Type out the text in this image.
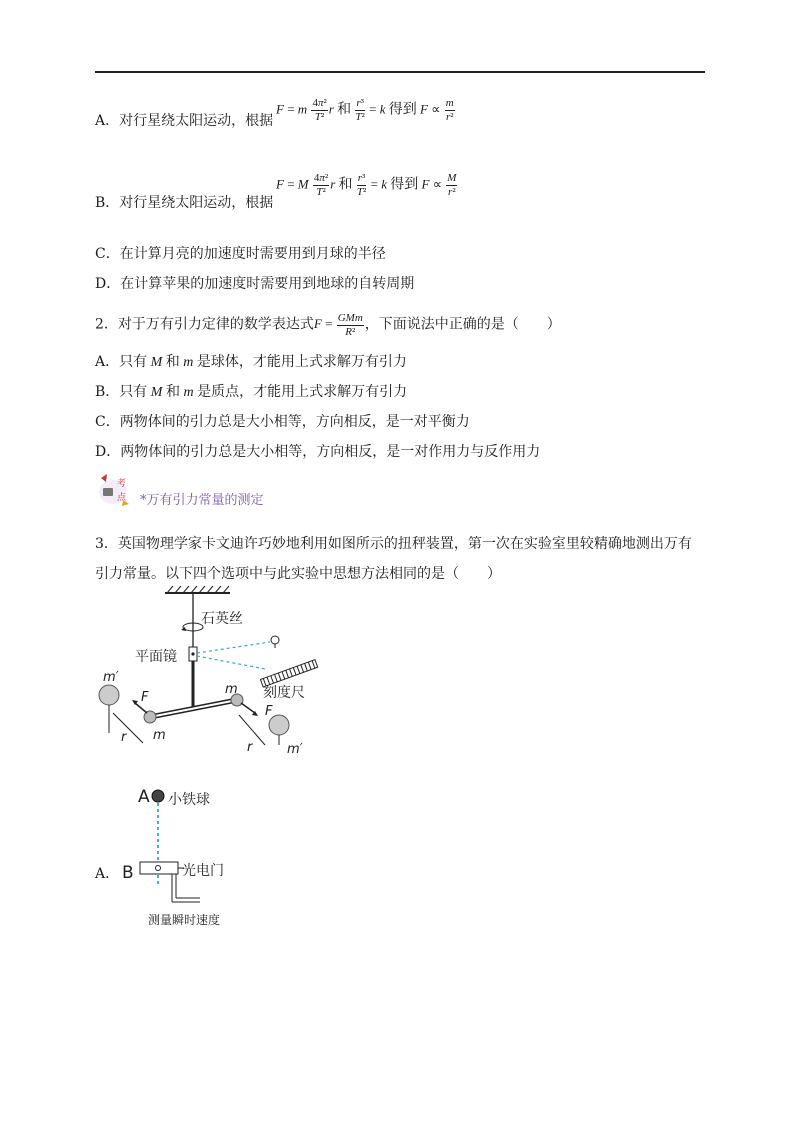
A．对行星绕太阳运动，根据
F = m $\frac{\text{4π²}}{\text{T²}}$ r 和 $\frac{\text{r³}}{\text{T²}} = k$ 得到 $F \propto \frac{m}{\text{r²}}$
B．对行星绕太阳运动，根据
F = M $\frac{\text{4π²}}{\text{T²}}$ r 和 $\frac{\text{r³}}{\text{T²}} = k$ 得到 $F \propto \frac{M}{\text{r²}}$
C．在计算月亮的加速度时需要用到月球的半径
D．在计算苹果的加速度时需要用到地球的自转周期
2．对于万有引力定律的数学表达式$F = \frac{\text{GMm}}{\text{R²}}$ ，下面说法中正确的是（　　）
A．只有 M 和 m 是球体，才能用上式求解万有引力
B．只有 M 和 m 是质点，才能用上式求解万有引力
C．两物体间的引力总是大小相等，方向相反，是一对平衡力
D．两物体间的引力总是大小相等，方向相反，是一对作用力与反作用力
考
点 *万有引力常量的测定
3．英国物理学家卡文迪许巧妙地利用如图所示的扭秤装置，第一次在实验室里较精确地测出万有
引力常量。以下四个选项中与此实验中思想方法相同的是（　　）
石英丝
平面镜
刻度尺
m′
m′
m
m
F
F
r
r
A．
A 小铁球
B	光电门
测量瞬时速度
